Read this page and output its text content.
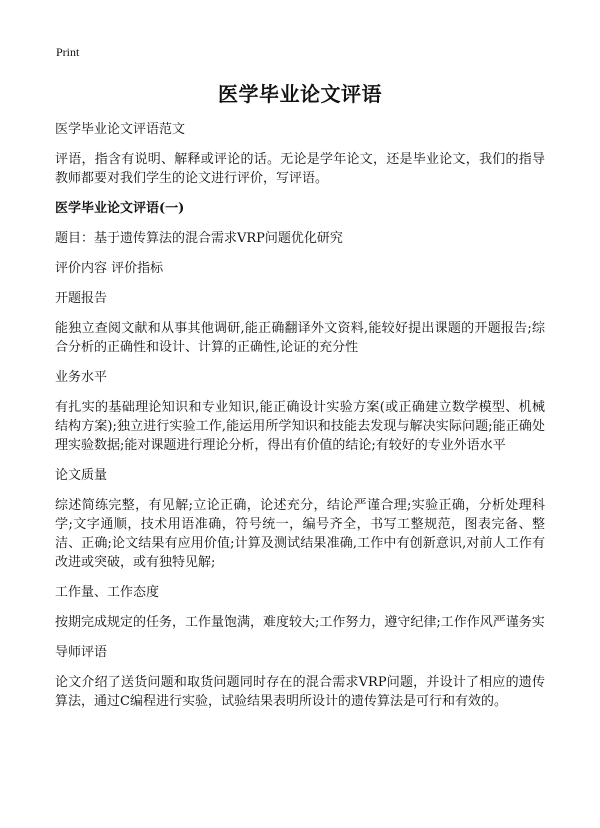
Print
医学毕业论文评语

医学毕业论文评语范文

评语，指含有说明、解释或评论的话。无论是学年论文，还是毕业论文，我们的指导教师都要对我们学生的论文进行评价，写评语。

医学毕业论文评语(一)

题目：基于遗传算法的混合需求VRP问题优化研究

评价内容 评价指标

开题报告

能独立查阅文献和从事其他调研,能正确翻译外文资料,能较好提出课题的开题报告;综合分析的正确性和设计、计算的正确性,论证的充分性

业务水平

有扎实的基础理论知识和专业知识,能正确设计实验方案(或正确建立数学模型、机械结构方案);独立进行实验工作,能运用所学知识和技能去发现与解决实际问题;能正确处理实验数据;能对课题进行理论分析，得出有价值的结论;有较好的专业外语水平

论文质量

综述简练完整，有见解;立论正确，论述充分，结论严谨合理;实验正确，分析处理科学;文字通顺，技术用语准确，符号统一，编号齐全，书写工整规范，图表完备、整洁、正确;论文结果有应用价值;计算及测试结果准确,工作中有创新意识,对前人工作有改进或突破，或有独特见解;

工作量、工作态度

按期完成规定的任务，工作量饱满，难度较大;工作努力，遵守纪律;工作作风严谨务实

导师评语

论文介绍了送货问题和取货问题同时存在的混合需求VRP问题，并设计了相应的遗传算法，通过C编程进行实验，试验结果表明所设计的遗传算法是可行和有效的。
